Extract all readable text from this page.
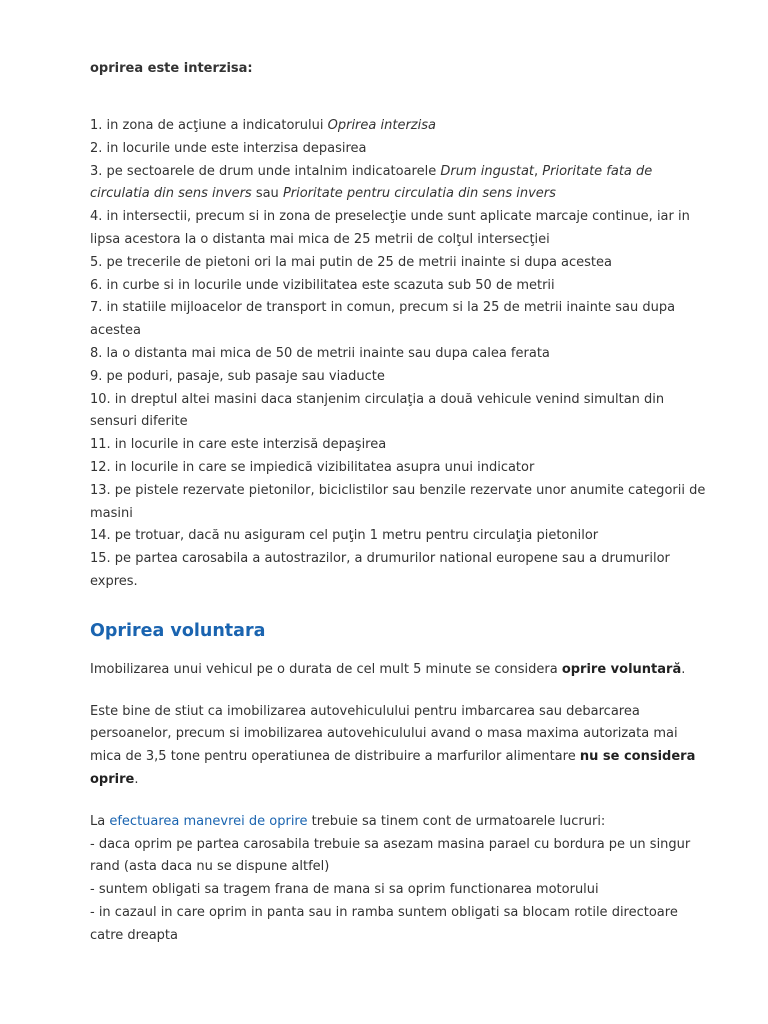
oprirea este interzisa:

1. in zona de acţiune a indicatorului Oprirea interzisa
2. in locurile unde este interzisa depasirea
3. pe sectoarele de drum unde intalnim indicatoarele Drum ingustat, Prioritate fata de circulatia din sens invers sau Prioritate pentru circulatia din sens invers
4. in intersectii, precum si in zona de preselecţie unde sunt aplicate marcaje continue, iar in lipsa acestora la o distanta mai mica de 25 metrii de colţul intersecţiei
5. pe trecerile de pietoni ori la mai putin de 25 de metrii inainte si dupa acestea
6. in curbe si in locurile unde vizibilitatea este scazuta sub 50 de metrii
7. in statiile mijloacelor de transport in comun, precum si la 25 de metrii inainte sau dupa acestea
8. la o distanta mai mica de 50 de metrii inainte sau dupa calea ferata
9. pe poduri, pasaje, sub pasaje sau viaducte
10. in dreptul altei masini daca stanjenim circulaţia a două vehicule venind simultan din sensuri diferite
11. in locurile in care este interzisă depaşirea
12. in locurile in care se impiedică vizibilitatea asupra unui indicator
13. pe pistele rezervate pietonilor, biciclistilor sau benzile rezervate unor anumite categorii de masini
14. pe trotuar, dacă nu asiguram cel puţin 1 metru pentru circulaţia pietonilor
15. pe partea carosabila a autostrazilor, a drumurilor national europene sau a drumurilor expres.
Oprirea voluntara

Imobilizarea unui vehicul pe o durata de cel mult 5 minute se considera oprire voluntară.

Este bine de stiut ca imobilizarea autovehiculului pentru imbarcarea sau debarcarea persoanelor, precum si imobilizarea autovehiculului avand o masa maxima autorizata mai mica de 3,5 tone pentru operatiunea de distribuire a marfurilor alimentare nu se considera oprire.

La efectuarea manevrei de oprire trebuie sa tinem cont de urmatoarele lucruri:
- daca oprim pe partea carosabila trebuie sa asezam masina parael cu bordura pe un singur rand (asta daca nu se dispune altfel)
- suntem obligati sa tragem frana de mana si sa oprim functionarea motorului
- in cazaul in care oprim in panta sau in ramba suntem obligati sa blocam rotile directoare catre dreapta
